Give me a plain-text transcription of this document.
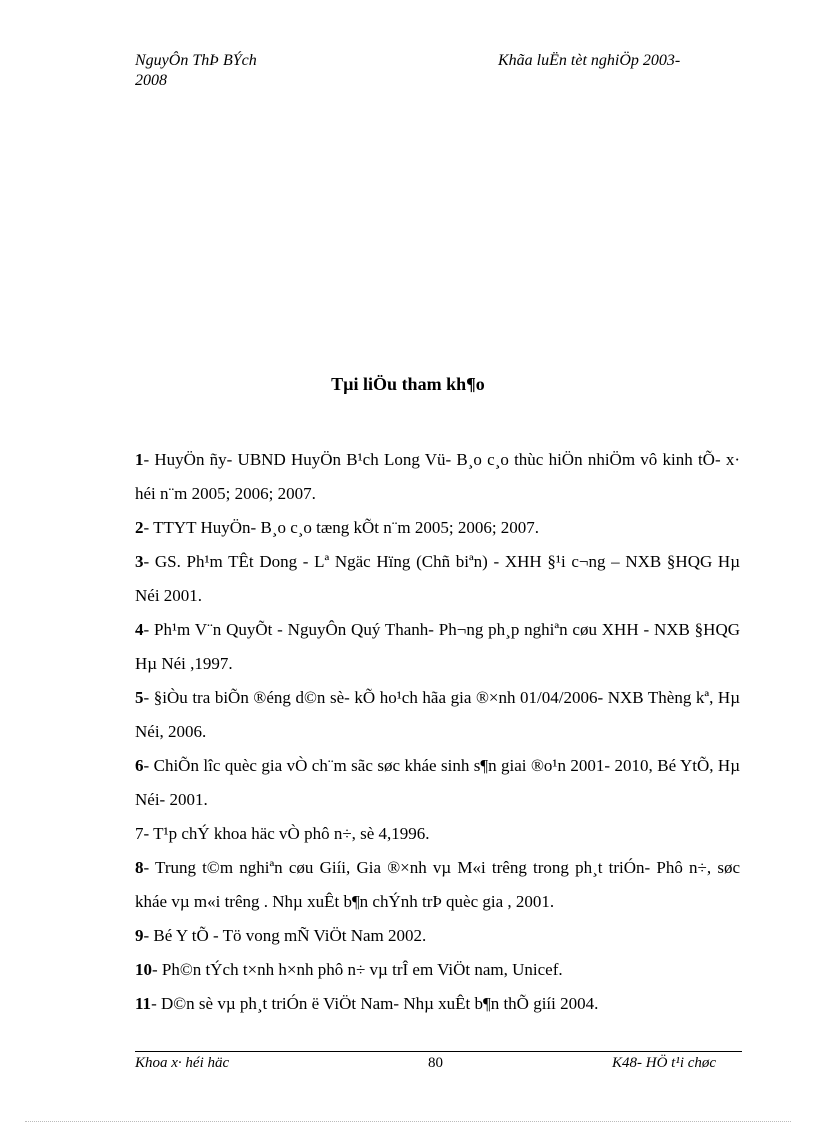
NguyÔn ThÞ BÝch	Khãa luËn tèt nghiÖp 2003-
2008
Tµi liÖu tham kh¶o

1- HuyÖn ñy- UBND HuyÖn B¹ch Long Vü- B¸o c¸o thùc hiÖn nhiÖm vô kinh tÕ- x· héi n¨m 2005; 2006; 2007.

2- TTYT HuyÖn- B¸o c¸o tæng kÕt n¨m 2005; 2006; 2007.

3- GS. Ph¹m TÊt Dong - Lª Ngäc Hïng (Chñ biªn) - XHH §¹i c¬ng – NXB §HQG Hµ Néi 2001.

4- Ph¹m V¨n QuyÕt - NguyÔn Quý Thanh- Ph¬ng ph¸p nghiªn cøu XHH - NXB §HQG Hµ Néi ,1997.

5- §iÒu tra biÕn ®éng d©n sè- kÕ ho¹ch hãa gia ®×nh 01/04/2006- NXB Thèng kª, Hµ Néi, 2006.

6- ChiÕn lîc quèc gia vÒ ch¨m sãc søc kháe sinh s¶n giai ®o¹n 2001- 2010, Bé YtÕ, Hµ Néi- 2001.

7- T¹p chÝ khoa häc vÒ phô n÷, sè 4,1996.

8- Trung t©m nghiªn cøu Giíi, Gia ®×nh vµ M«i trêng trong ph¸t triÓn- Phô n÷, søc kháe vµ m«i trêng . Nhµ xuÊt b¶n chÝnh trÞ quèc gia , 2001.

9- Bé Y tÕ - Tö vong mÑ ViÖt Nam 2002.

10- Ph©n tÝch t×nh h×nh phô n÷ vµ trÎ em ViÖt nam, Unicef.

11- D©n sè vµ ph¸t triÓn ë ViÖt Nam- Nhµ xuÊt b¶n thÕ giíi 2004.

Khoa x· héi häc	80	K48- HÖ t¹i chøc
